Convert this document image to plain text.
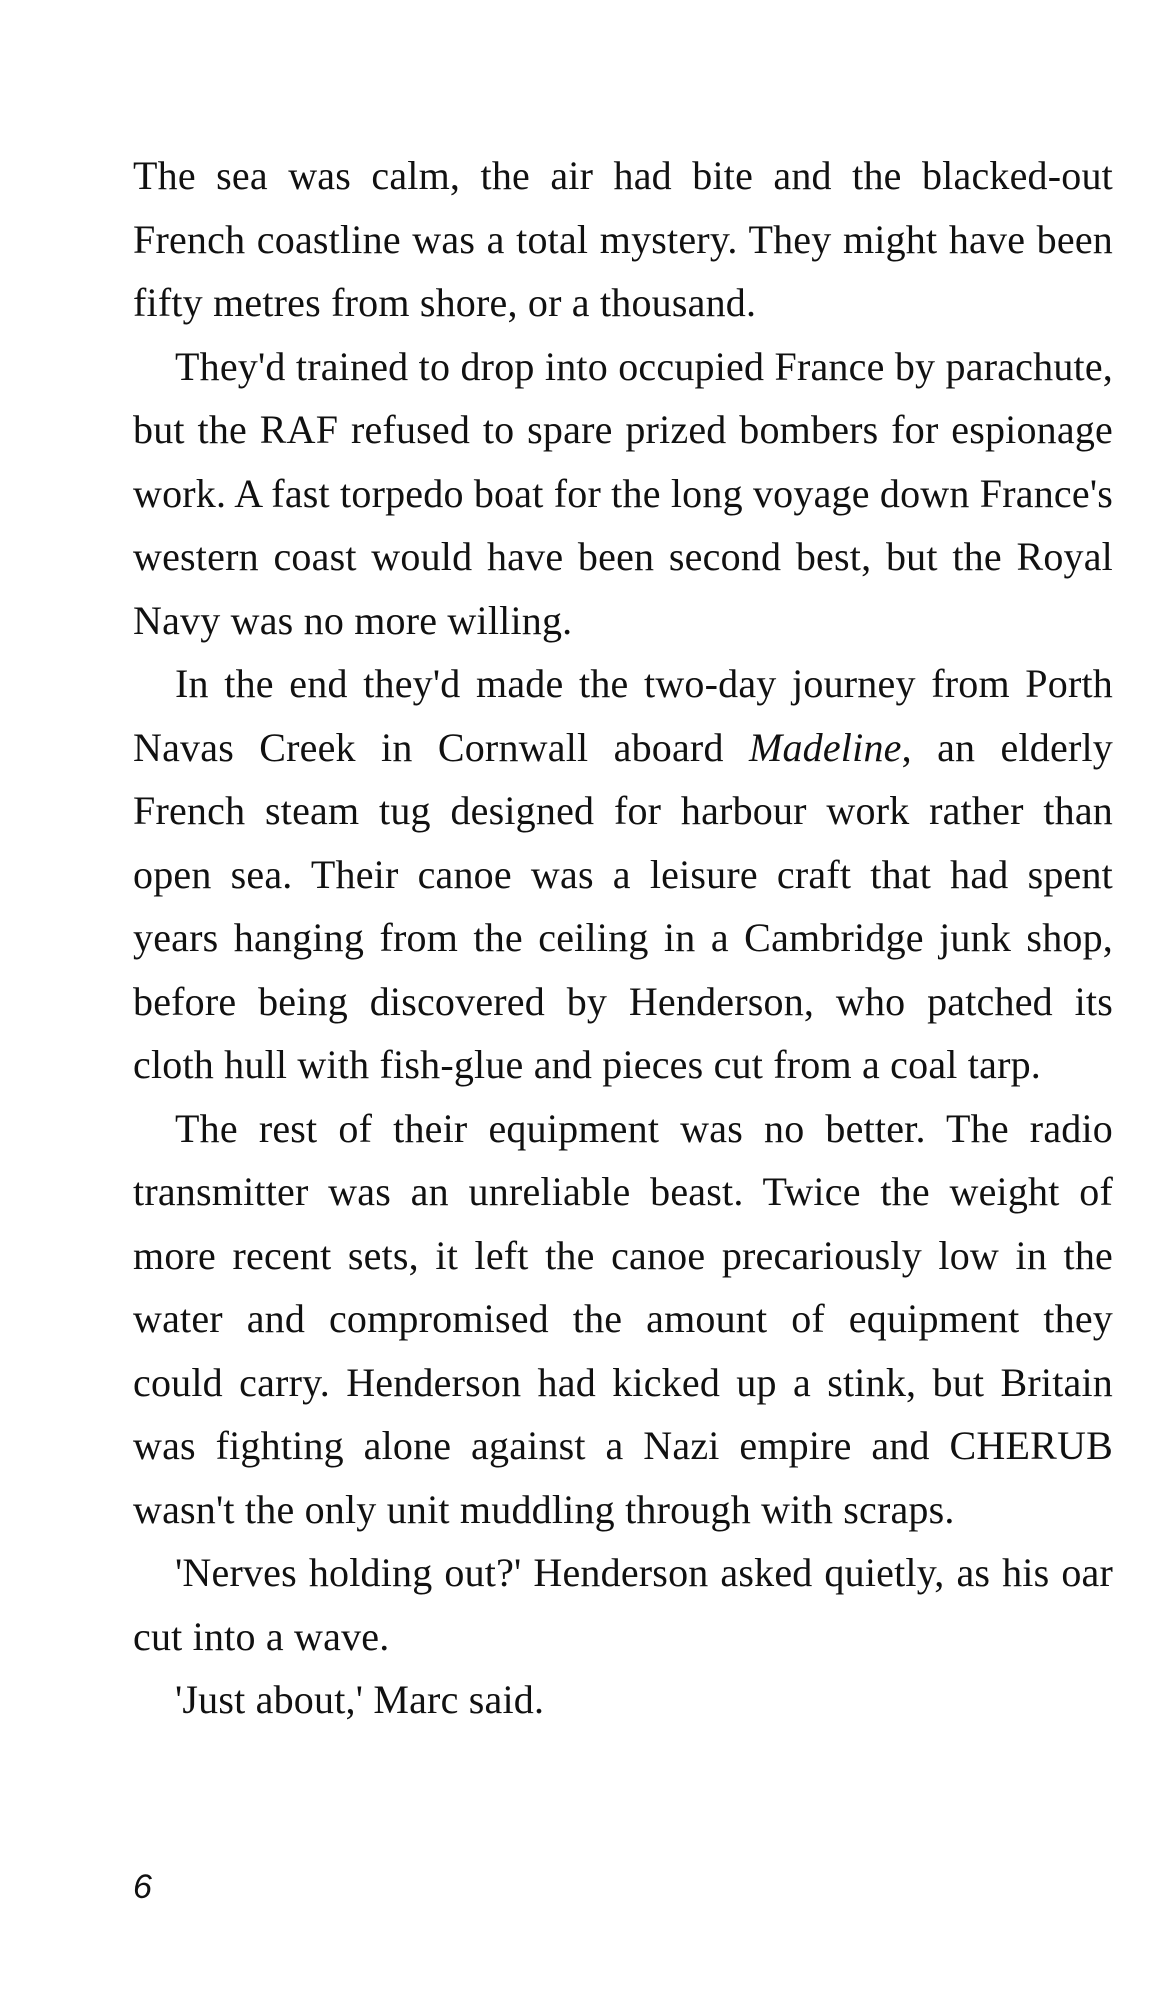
The sea was calm, the air had bite and the blacked-out French coastline was a total mystery. They might have been fifty metres from shore, or a thousand.

They'd trained to drop into occupied France by parachute, but the RAF refused to spare prized bombers for espionage work. A fast torpedo boat for the long voyage down France's western coast would have been second best, but the Royal Navy was no more willing.

In the end they'd made the two-day journey from Porth Navas Creek in Cornwall aboard Madeline, an elderly French steam tug designed for harbour work rather than open sea. Their canoe was a leisure craft that had spent years hanging from the ceiling in a Cambridge junk shop, before being discovered by Henderson, who patched its cloth hull with fish-glue and pieces cut from a coal tarp.

The rest of their equipment was no better. The radio transmitter was an unreliable beast. Twice the weight of more recent sets, it left the canoe precariously low in the water and compromised the amount of equipment they could carry. Henderson had kicked up a stink, but Britain was fighting alone against a Nazi empire and CHERUB wasn't the only unit muddling through with scraps.

'Nerves holding out?' Henderson asked quietly, as his oar cut into a wave.

'Just about,' Marc said.

6
